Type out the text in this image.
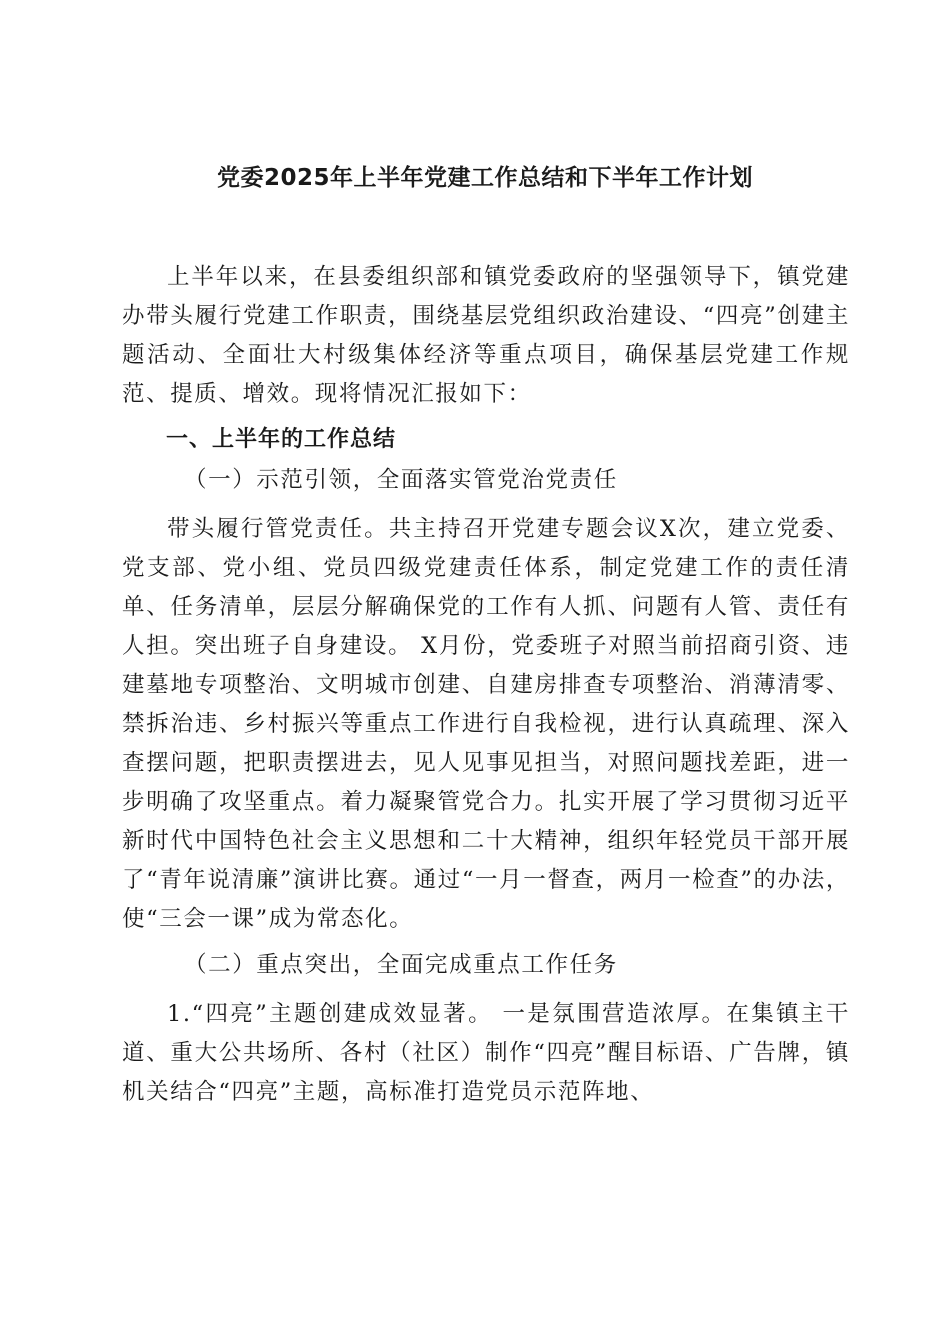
党委2025年上半年党建工作总结和下半年工作计划

上半年以来，在县委组织部和镇党委政府的坚强领导下，镇党建办带头履行党建工作职责，围绕基层党组织政治建设、“四亮”创建主题活动、全面壮大村级集体经济等重点项目，确保基层党建工作规范、提质、增效。现将情况汇报如下：

一、上半年的工作总结

（一）示范引领，全面落实管党治党责任

带头履行管党责任。共主持召开党建专题会议X次，建立党委、党支部、党小组、党员四级党建责任体系，制定党建工作的责任清单、任务清单，层层分解确保党的工作有人抓、问题有人管、责任有人担。突出班子自身建设。 X月份，党委班子对照当前招商引资、违建墓地专项整治、文明城市创建、自建房排查专项整治、消薄清零、禁拆治违、乡村振兴等重点工作进行自我检视，进行认真疏理、深入查摆问题，把职责摆进去，见人见事见担当，对照问题找差距，进一步明确了攻坚重点。着力凝聚管党合力。扎实开展了学习贯彻习近平新时代中国特色社会主义思想和二十大精神，组织年轻党员干部开展了“青年说清廉”演讲比赛。通过“一月一督查，两月一检查”的办法，使“三会一课”成为常态化。

（二）重点突出，全面完成重点工作任务

1.“四亮”主题创建成效显著。 一是氛围营造浓厚。在集镇主干道、重大公共场所、各村（社区）制作“四亮”醒目标语、广告牌，镇机关结合“四亮”主题，高标准打造党员示范阵地、
